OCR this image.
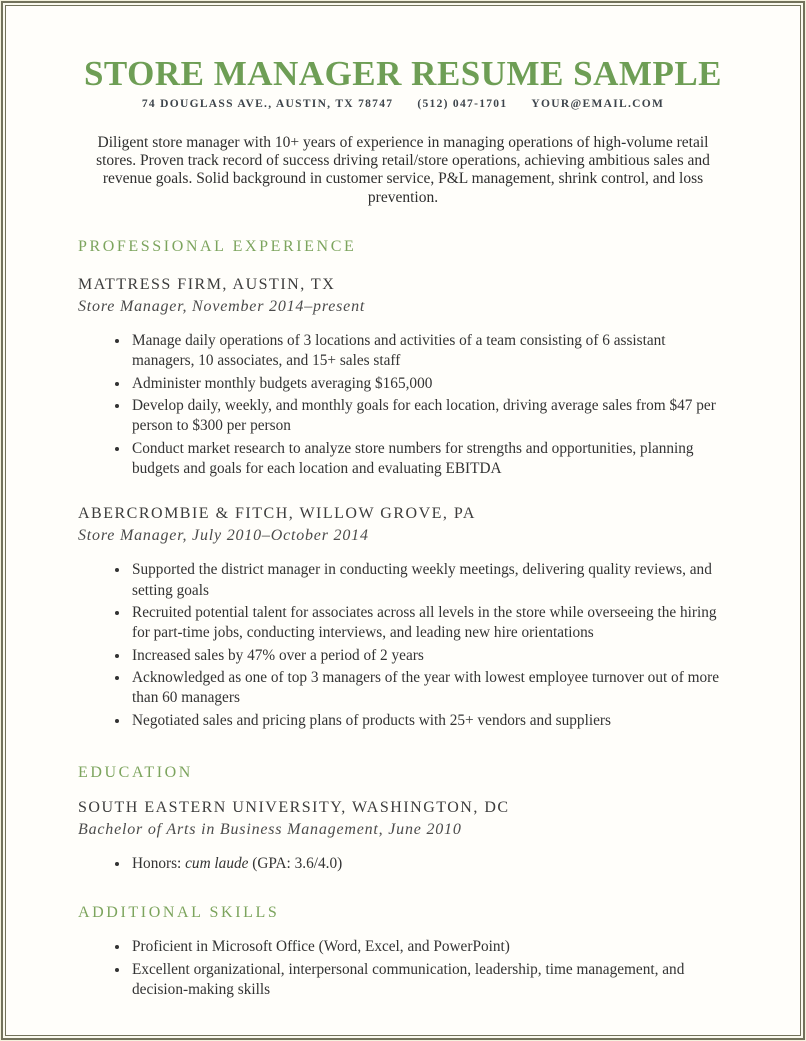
STORE MANAGER RESUME SAMPLE
74 DOUGLASS AVE., AUSTIN, TX 78747 (512) 047-1701 YOUR@EMAIL.COM

Diligent store manager with 10+ years of experience in managing operations of high-volume retail stores. Proven track record of success driving retail/store operations, achieving ambitious sales and revenue goals. Solid background in customer service, P&L management, shrink control, and loss prevention.

PROFESSIONAL EXPERIENCE
MATTRESS FIRM, AUSTIN, TX
Store Manager, November 2014–present
• Manage daily operations of 3 locations and activities of a team consisting of 6 assistant managers, 10 associates, and 15+ sales staff
• Administer monthly budgets averaging $165,000
• Develop daily, weekly, and monthly goals for each location, driving average sales from $47 per person to $300 per person
• Conduct market research to analyze store numbers for strengths and opportunities, planning budgets and goals for each location and evaluating EBITDA
ABERCROMBIE & FITCH, WILLOW GROVE, PA
Store Manager, July 2010–October 2014
• Supported the district manager in conducting weekly meetings, delivering quality reviews, and setting goals
• Recruited potential talent for associates across all levels in the store while overseeing the hiring for part-time jobs, conducting interviews, and leading new hire orientations
• Increased sales by 47% over a period of 2 years
• Acknowledged as one of top 3 managers of the year with lowest employee turnover out of more than 60 managers
• Negotiated sales and pricing plans of products with 25+ vendors and suppliers
EDUCATION
SOUTH EASTERN UNIVERSITY, WASHINGTON, DC
Bachelor of Arts in Business Management, June 2010
• Honors: cum laude (GPA: 3.6/4.0)
ADDITIONAL SKILLS
• Proficient in Microsoft Office (Word, Excel, and PowerPoint)
• Excellent organizational, interpersonal communication, leadership, time management, and decision-making skills
